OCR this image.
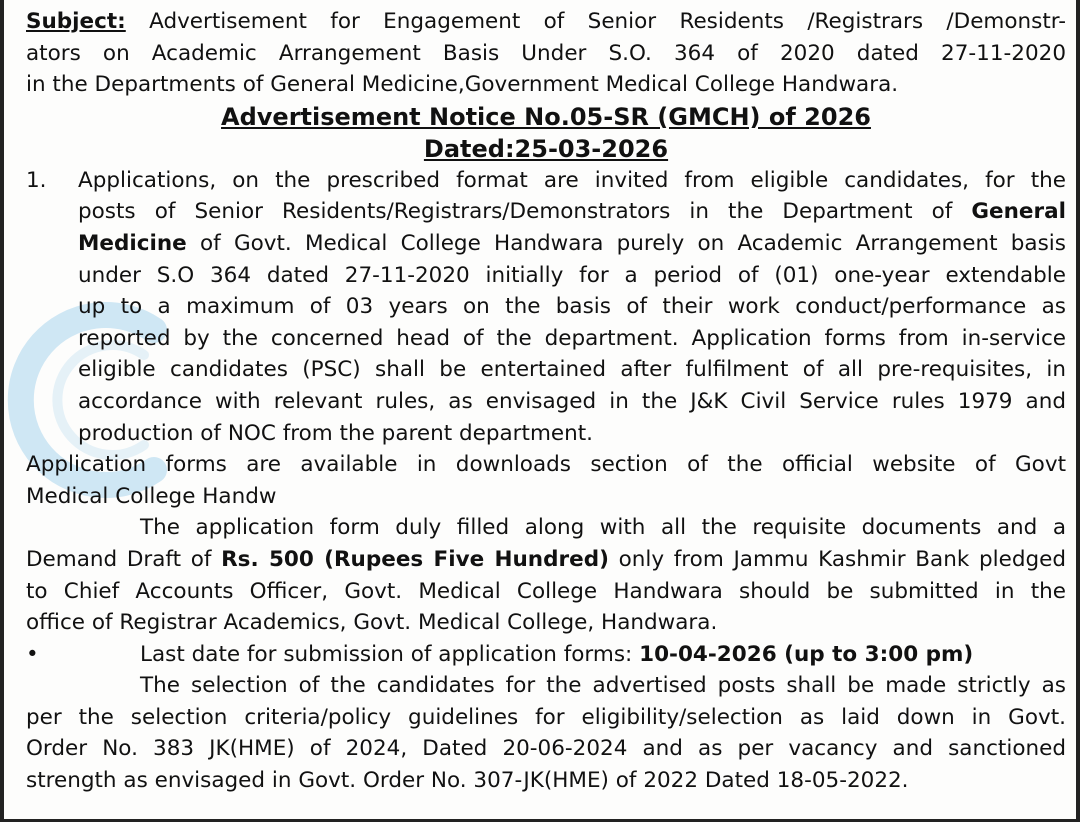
Subject: Advertisement for Engagement of Senior Residents /Registrars /Demonstr-
ators on Academic Arrangement Basis Under S.O. 364 of 2020 dated 27-11-2020
in the Departments of General Medicine,Government Medical College Handwara.
Advertisement Notice No.05-SR (GMCH) of 2026
Dated:25-03-2026
1.	Applications, on the prescribed format are invited from eligible candidates, for the
posts of Senior Residents/Registrars/Demonstrators in the Department of General
Medicine of Govt. Medical College Handwara purely on Academic Arrangement basis
under S.O 364 dated 27-11-2020 initially for a period of (01) one-year extendable
up to a maximum of 03 years on the basis of their work conduct/performance as
reported by the concerned head of the department. Application forms from in-service
eligible candidates (PSC) shall be entertained after fulfilment of all pre-requisites, in
accordance with relevant rules, as envisaged in the J&K Civil Service rules 1979 and
production of NOC from the parent department.
Application forms are available in downloads section of the official website of Govt
Medical College Handw
The application form duly filled along with all the requisite documents and a
Demand Draft of Rs. 500 (Rupees Five Hundred) only from Jammu Kashmir Bank pledged
to Chief Accounts Officer, Govt. Medical College Handwara should be submitted in the
office of Registrar Academics, Govt. Medical College, Handwara.
•	Last date for submission of application forms: 10-04-2026 (up to 3:00 pm)
The selection of the candidates for the advertised posts shall be made strictly as
per the selection criteria/policy guidelines for eligibility/selection as laid down in Govt.
Order No. 383 JK(HME) of 2024, Dated 20-06-2024 and as per vacancy and sanctioned
strength as envisaged in Govt. Order No. 307-JK(HME) of 2022 Dated 18-05-2022.
